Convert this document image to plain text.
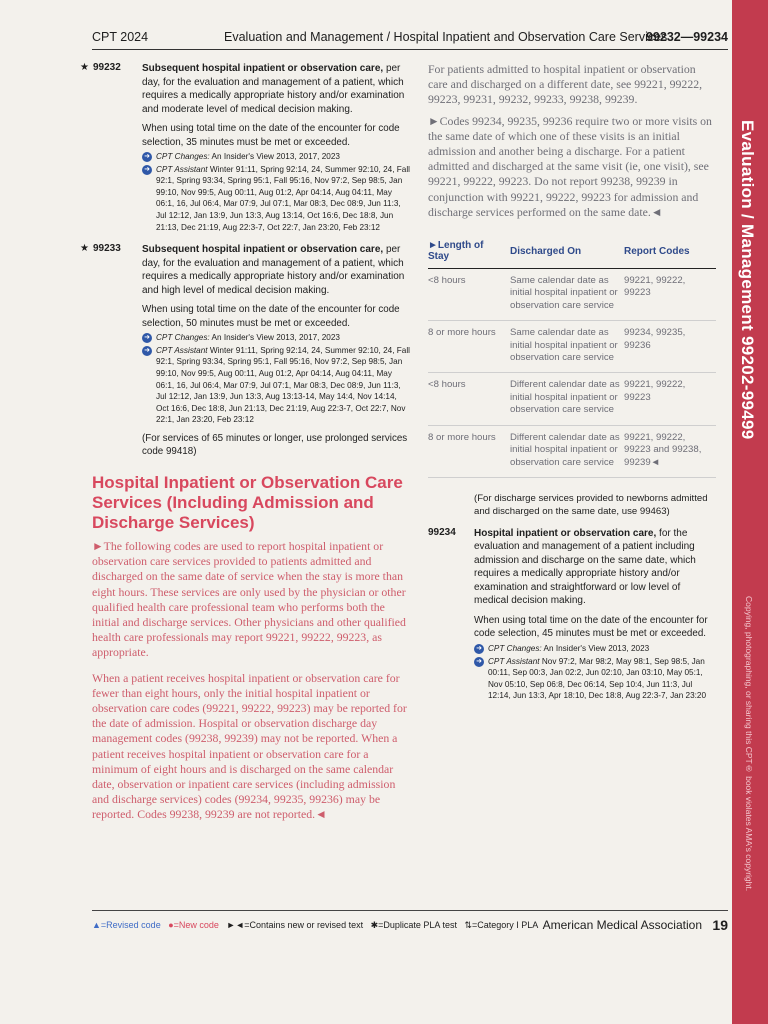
CPT 2024	Evaluation and Management / Hospital Inpatient and Observation Care Services
99232—99234
Evaluation / Management 99202-99499
Copying, photographing, or sharing this CPT® book violates AMA's copyright.
★ 99232 Subsequent hospital inpatient or observation care, per day, for the evaluation and management of a patient, which requires a medically appropriate history and/or examination and moderate level of medical decision making.
When using total time on the date of the encounter for code selection, 35 minutes must be met or exceeded.
➜ CPT Changes: An Insider's View 2013, 2017, 2023
➜ CPT Assistant Winter 91:11, Spring 92:14, 24, Summer 92:10, 24, Fall 92:1, Spring 93:34, Spring 95:1, Fall 95:16, Nov 97:2, Sep 98:5, Jan 99:10, Nov 99:5, Aug 00:11, Aug 01:2, Apr 04:14, Aug 04:11, May 06:1, 16, Jul 06:4, Mar 07:9, Jul 07:1, Mar 08:3, Dec 08:9, Jun 11:3, Jul 12:12, Jan 13:9, Jun 13:3, Aug 13:14, Oct 16:6, Dec 18:8, Jun 21:13, Dec 21:19, Aug 22:3-7, Oct 22:7, Jan 23:20, Feb 23:12
★ 99233 Subsequent hospital inpatient or observation care, per day, for the evaluation and management of a patient, which requires a medically appropriate history and/or examination and high level of medical decision making.
When using total time on the date of the encounter for code selection, 50 minutes must be met or exceeded.
➜ CPT Changes: An Insider's View 2013, 2017, 2023
➜ CPT Assistant Winter 91:11, Spring 92:14, 24, Summer 92:10, 24, Fall 92:1, Spring 93:34, Spring 95:1, Fall 95:16, Nov 97:2, Sep 98:5, Jan 99:10, Nov 99:5, Aug 00:11, Aug 01:2, Apr 04:14, Aug 04:11, May 06:1, 16, Jul 06:4, Mar 07:9, Jul 07:1, Mar 08:3, Dec 08:9, Jun 11:3, Jul 12:12, Jan 13:9, Jun 13:3, Aug 13:13-14, May 14:4, Nov 14:14, Oct 16:6, Dec 18:8, Jun 21:13, Dec 21:19, Aug 22:3-7, Oct 22:7, Nov 22:1, Jan 23:20, Feb 23:12
(For services of 65 minutes or longer, use prolonged services code 99418)
Hospital Inpatient or Observation Care Services (Including Admission and Discharge Services)

►The following codes are used to report hospital inpatient or observation care services provided to patients admitted and discharged on the same date of service when the stay is more than eight hours. These services are only used by the physician or other qualified health care professional team who performs both the initial and discharge services. Other physicians and other qualified health care professionals may report 99221, 99222, 99223, as appropriate.

When a patient receives hospital inpatient or observation care for fewer than eight hours, only the initial hospital inpatient or observation care codes (99221, 99222, 99223) may be reported for the date of admission. Hospital or observation discharge day management codes (99238, 99239) may not be reported. When a patient receives hospital inpatient or observation care for a minimum of eight hours and is discharged on the same calendar date, observation or inpatient care services (including admission and discharge services) codes (99234, 99235, 99236) may be reported. Codes 99238, 99239 are not reported.◄

For patients admitted to hospital inpatient or observation care and discharged on a different date, see 99221, 99222, 99223, 99231, 99232, 99233, 99238, 99239.

►Codes 99234, 99235, 99236 require two or more visits on the same date of which one of these visits is an initial admission and another being a discharge. For a patient admitted and discharged at the same visit (ie, one visit), see 99221, 99222, 99223. Do not report 99238, 99239 in conjunction with 99221, 99222, 99223 for admission and discharge services performed on the same date.◄

►Length of Stay	Discharged On	Report Codes
<8 hours	Same calendar date as initial hospital inpatient or observation care service	99221, 99222, 99223
8 or more hours	Same calendar date as initial hospital inpatient or observation care service	99234, 99235, 99236
<8 hours	Different calendar date as initial hospital inpatient or observation care service	99221, 99222, 99223
8 or more hours	Different calendar date as initial hospital inpatient or observation care service	99221, 99222, 99223 and 99238, 99239◄
(For discharge services provided to newborns admitted and discharged on the same date, use 99463)
99234 Hospital inpatient or observation care, for the evaluation and management of a patient including admission and discharge on the same date, which requires a medically appropriate history and/or examination and straightforward or low level of medical decision making.
When using total time on the date of the encounter for code selection, 45 minutes must be met or exceeded.
➜ CPT Changes: An Insider's View 2013, 2023
➜ CPT Assistant Nov 97:2, Mar 98:2, May 98:1, Sep 98:5, Jan 00:11, Sep 00:3, Jan 02:2, Jun 02:10, Jan 03:10, May 05:1, Nov 05:10, Sep 06:8, Dec 06:14, Sep 10:4, Jun 11:3, Jul 12:14, Jun 13:3, Apr 18:10, Dec 18:8, Aug 22:3-7, Jan 23:20
▲=Revised code ●=New code ►◄=Contains new or revised text ✱=Duplicate PLA test ⇅=Category I PLA American Medical Association 19
